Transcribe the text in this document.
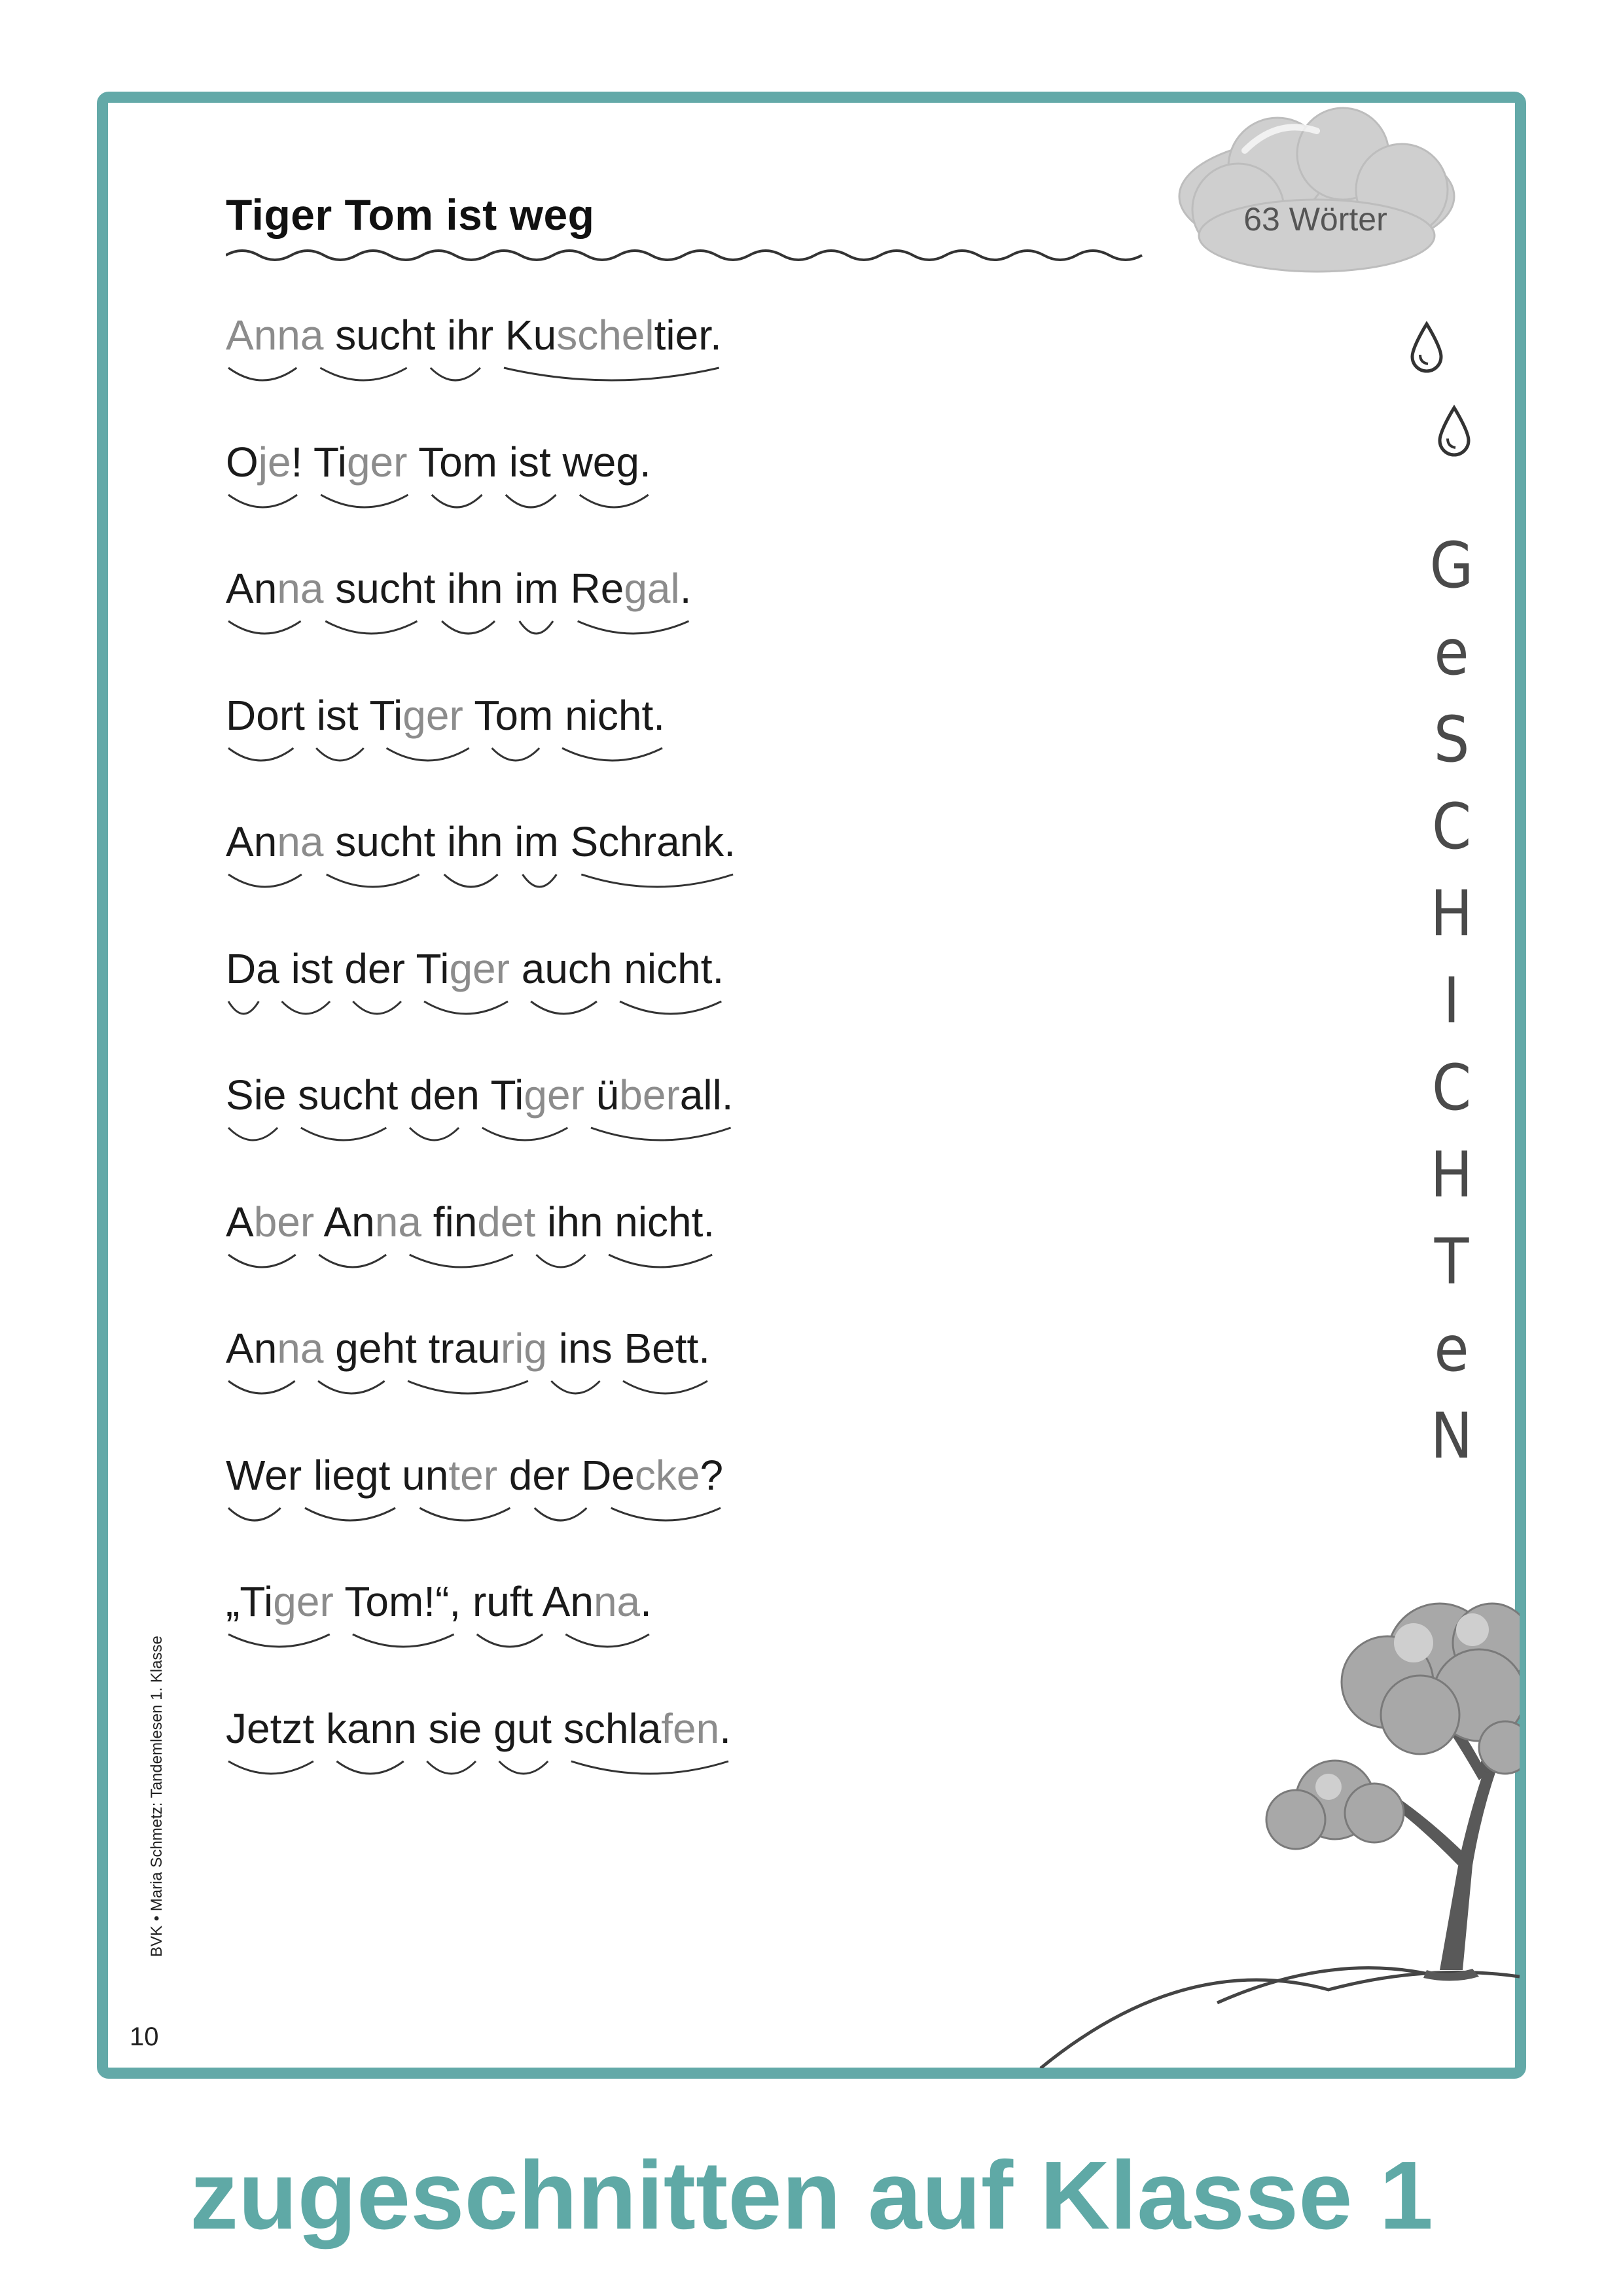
63 Wörter
Tiger Tom ist weg
Anna sucht ihr Kuscheltier.
Oje! Tiger Tom ist weg.
Anna sucht ihn im Regal.
Dort ist Tiger Tom nicht.
Anna sucht ihn im Schrank.
Da ist der Tiger auch nicht.
Sie sucht den Tiger überall.
Aber Anna findet ihn nicht.
Anna geht traurig ins Bett.
Wer liegt unter der Decke?
„Tiger Tom!“, ruft Anna.
Jetzt kann sie gut schlafen.
G
e
S
C
H
I
C
H
T
e
N
BVK • Maria Schmetz: Tandemlesen 1. Klasse
10
zugeschnitten auf Klasse 1
